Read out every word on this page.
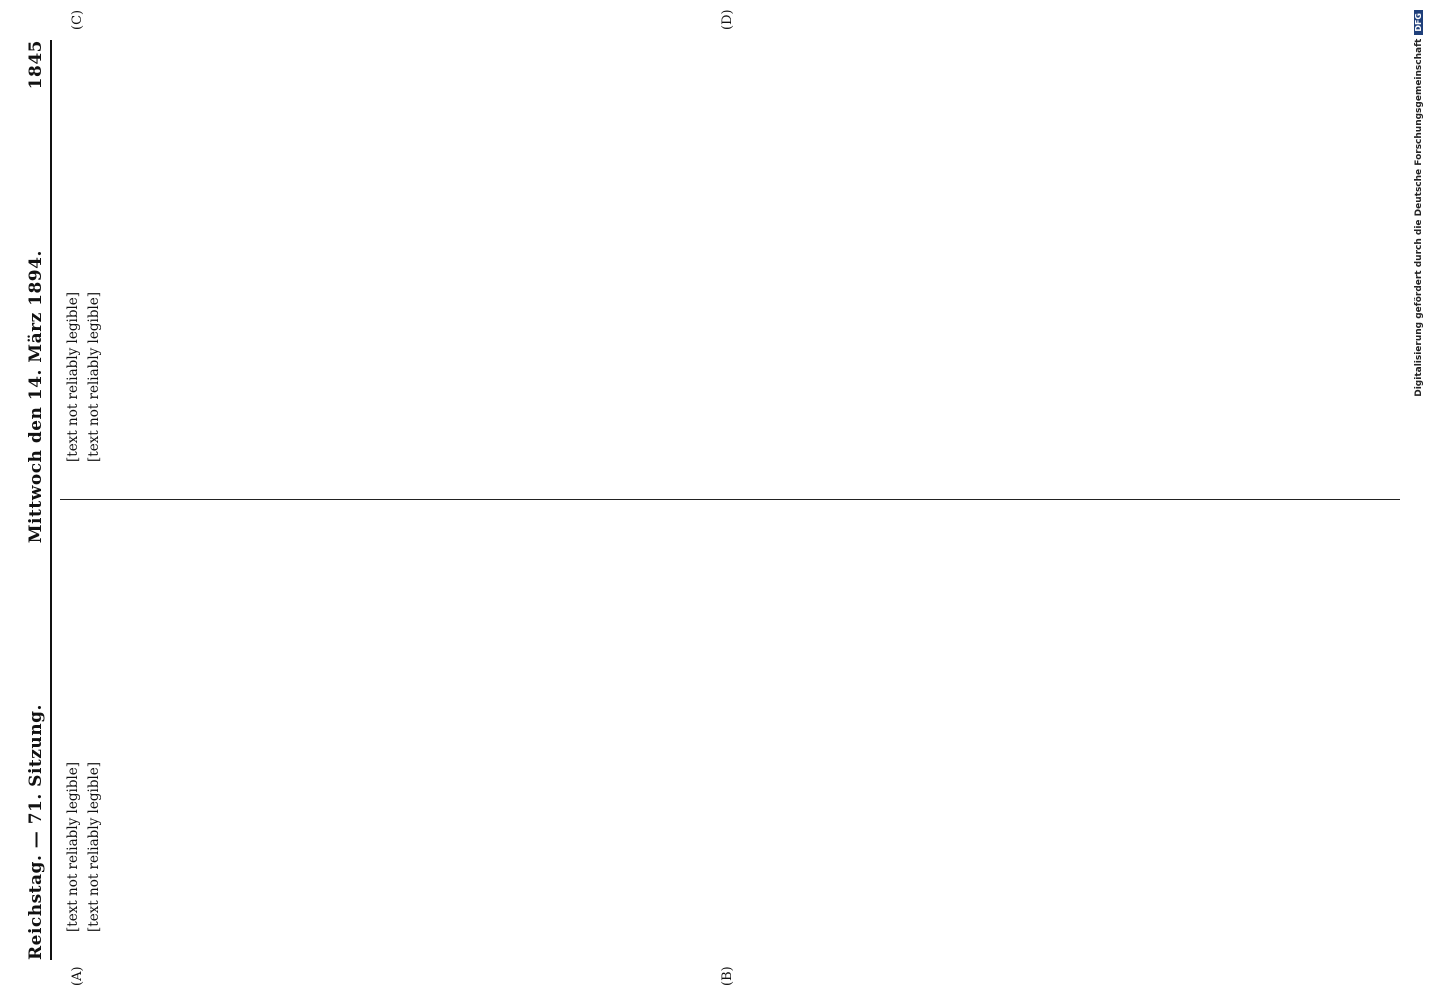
Reichstag. — 71. Sitzung.
Mittwoch den 14. März 1894.
1845
(A)	(B)
(C)	(D)

[text not reliably legible] [text not reliably legible]

[text not reliably legible] [text not reliably legible]	Digitalisierung gefördert durch die Deutsche ForschungsgemeinschaftDFG
